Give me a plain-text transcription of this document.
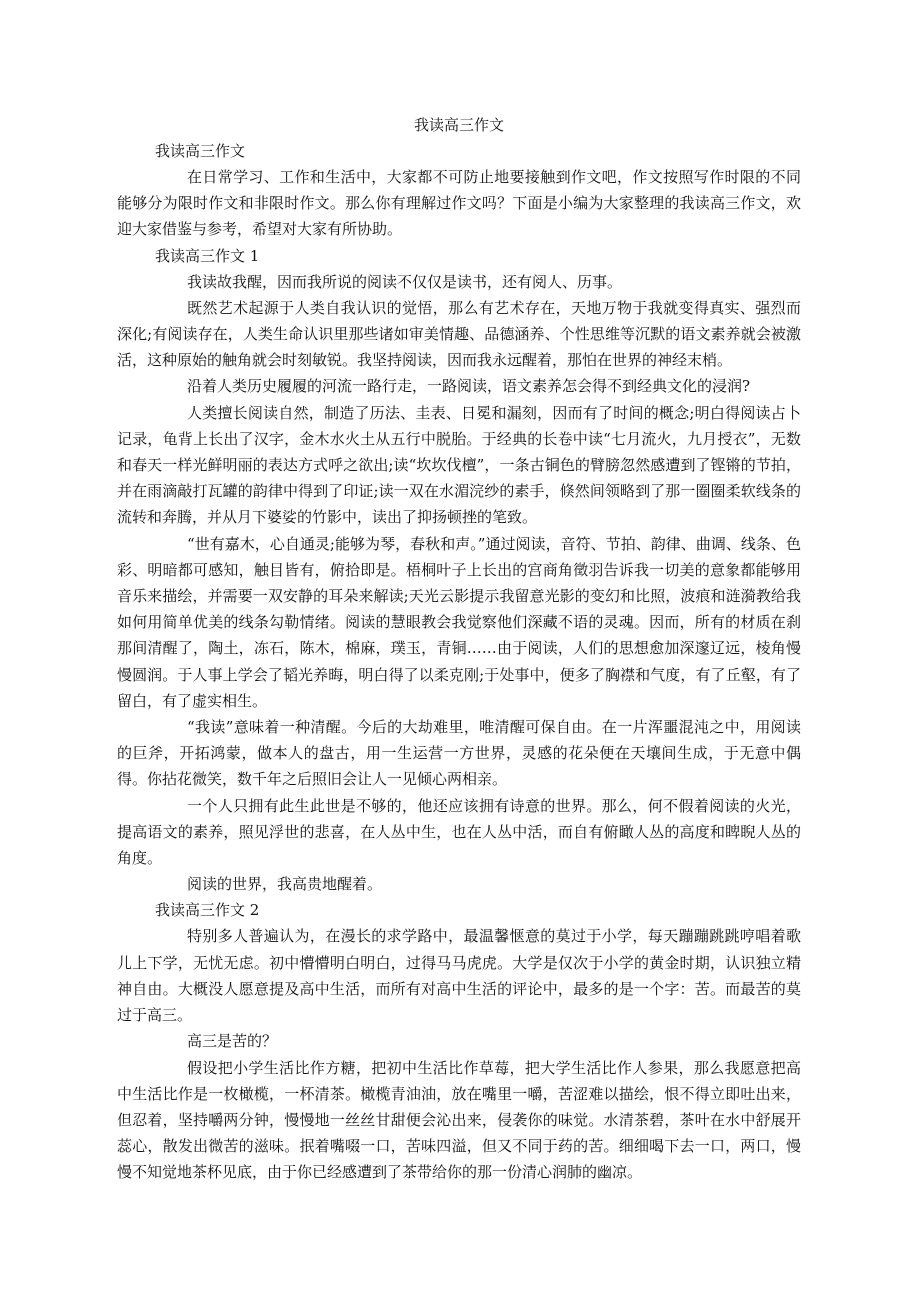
我读高三作文
我读高三作文

在日常学习、工作和生活中，大家都不可防止地要接触到作文吧，作文按照写作时限的不同能够分为限时作文和非限时作文。那么你有理解过作文吗？下面是小编为大家整理的我读高三作文，欢迎大家借鉴与参考，希望对大家有所协助。

我读高三作文 1

我读故我醒，因而我所说的阅读不仅仅是读书，还有阅人、历事。

既然艺术起源于人类自我认识的觉悟，那么有艺术存在，天地万物于我就变得真实、强烈而深化;有阅读存在，人类生命认识里那些诸如审美情趣、品德涵养、个性思维等沉默的语文素养就会被激活，这种原始的触角就会时刻敏锐。我坚持阅读，因而我永远醒着，那怕在世界的神经末梢。

沿着人类历史履履的河流一路行走，一路阅读，语文素养怎会得不到经典文化的浸润?

人类擅长阅读自然，制造了历法、圭表、日冕和漏刻，因而有了时间的概念;明白得阅读占卜记录，龟背上长出了汉字，金木水火土从五行中脱胎。于经典的长卷中读“七月流火，九月授衣”，无数和春天一样光鲜明丽的表达方式呼之欲出;读“坎坎伐檀”，一条古铜色的臂膀忽然感遭到了铿锵的节拍，并在雨滴敲打瓦罐的韵律中得到了印证;读一双在水湄浣纱的素手，倏然间领略到了那一圈圈柔软线条的流转和奔腾，并从月下婆娑的竹影中，读出了抑扬顿挫的笔致。

“世有嘉木，心自通灵;能够为琴，春秋和声。”通过阅读，音符、节拍、韵律、曲调、线条、色彩、明暗都可感知，触目皆有，俯拾即是。梧桐叶子上长出的宫商角徵羽告诉我一切美的意象都能够用音乐来描绘，并需要一双安静的耳朵来解读;天光云影提示我留意光影的变幻和比照，波痕和涟漪教给我如何用简单优美的线条勾勒情绪。阅读的慧眼教会我觉察他们深藏不语的灵魂。因而，所有的材质在刹那间清醒了，陶土，冻石，陈木，棉麻，璞玉，青铜……由于阅读，人们的思想愈加深邃辽远，棱角慢慢圆润。于人事上学会了韬光养晦，明白得了以柔克刚;于处事中，便多了胸襟和气度，有了丘壑，有了留白，有了虚实相生。

“我读”意味着一种清醒。今后的大劫难里，唯清醒可保自由。在一片浑噩混沌之中，用阅读的巨斧，开拓鸿蒙，做本人的盘古，用一生运营一方世界，灵感的花朵便在天壤间生成，于无意中偶得。你拈花微笑，数千年之后照旧会让人一见倾心两相亲。

一个人只拥有此生此世是不够的，他还应该拥有诗意的世界。那么，何不假着阅读的火光，提高语文的素养，照见浮世的悲喜，在人丛中生，也在人丛中活，而自有俯瞰人丛的高度和睥睨人丛的角度。

阅读的世界，我高贵地醒着。

我读高三作文 2

特别多人普遍认为，在漫长的求学路中，最温馨惬意的莫过于小学，每天蹦蹦跳跳哼唱着歌儿上下学，无忧无虑。初中懵懵明白明白，过得马马虎虎。大学是仅次于小学的黄金时期，认识独立精神自由。大概没人愿意提及高中生活，而所有对高中生活的评论中，最多的是一个字：苦。而最苦的莫过于高三。

高三是苦的？

假设把小学生活比作方糖，把初中生活比作草莓，把大学生活比作人参果，那么我愿意把高中生活比作是一枚橄榄，一杯清茶。橄榄青油油，放在嘴里一嚼，苦涩难以描绘，恨不得立即吐出来，但忍着，坚持嚼两分钟，慢慢地一丝丝甘甜便会沁出来，侵袭你的味觉。水清茶碧，茶叶在水中舒展开蕊心，散发出微苦的滋味。抿着嘴啜一口，苦味四溢，但又不同于药的苦。细细喝下去一口，两口，慢慢不知觉地茶杯见底，由于你已经感遭到了茶带给你的那一份清心润肺的幽凉。
